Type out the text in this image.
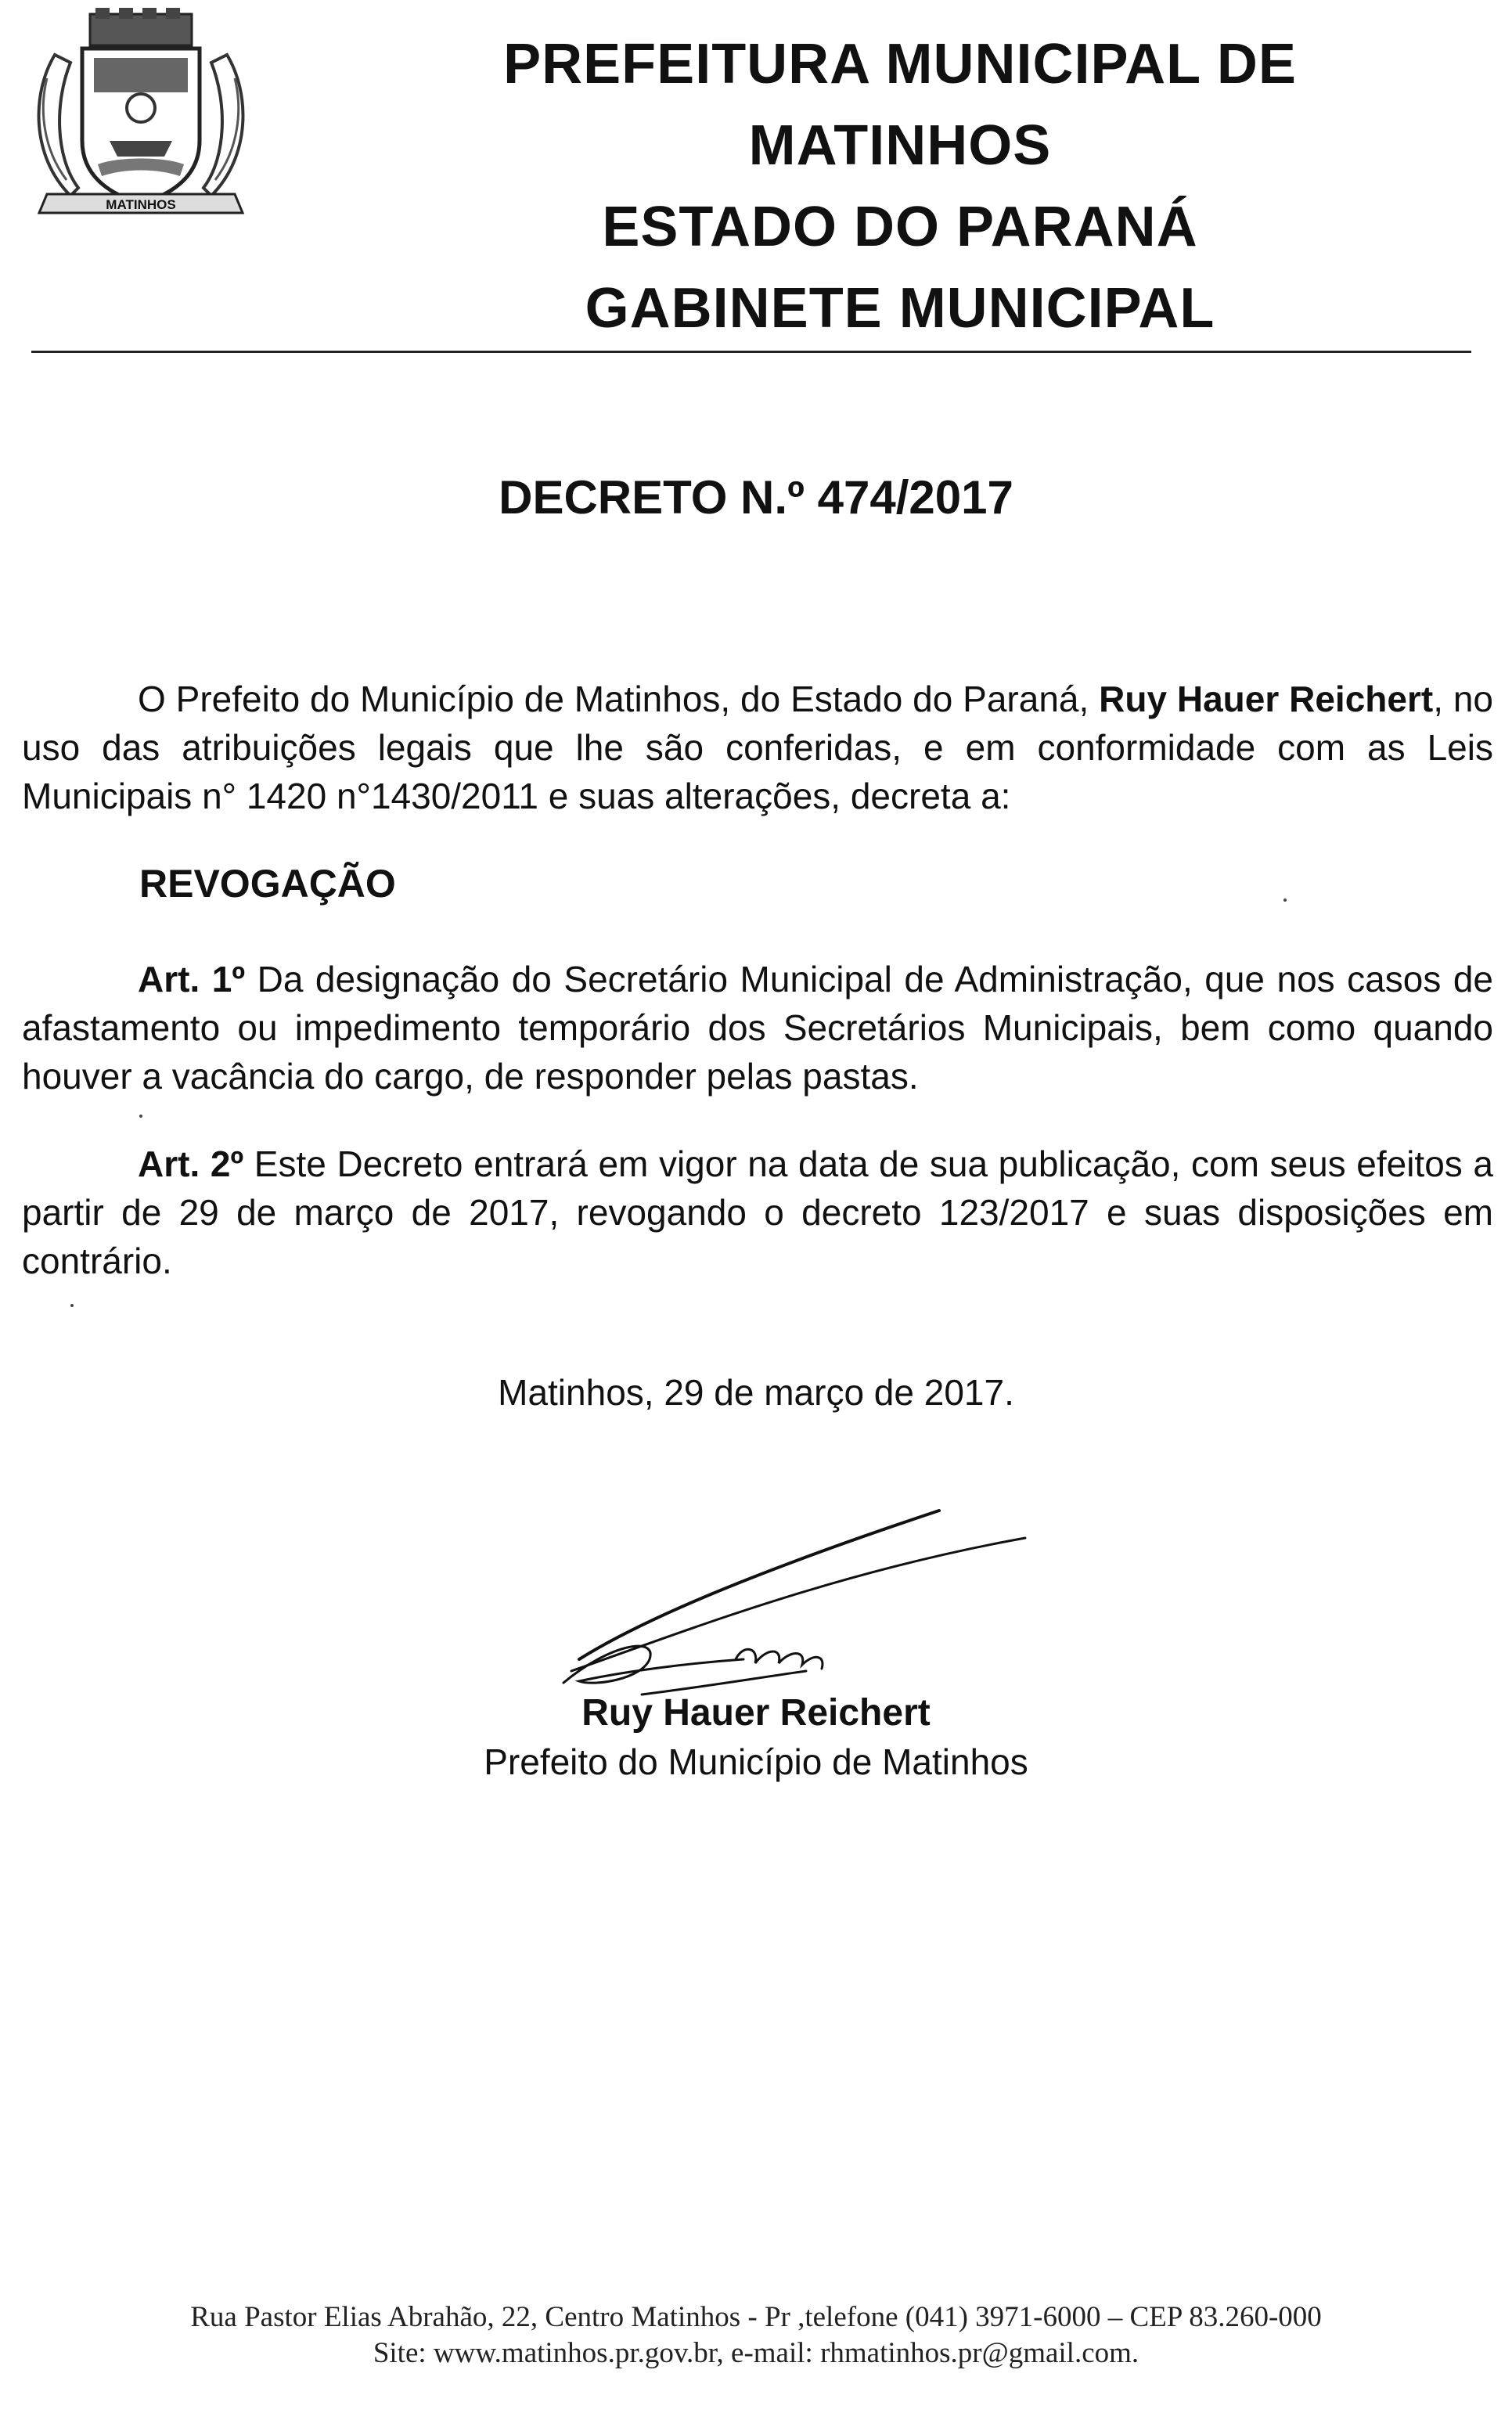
MATINHOS
PREFEITURA MUNICIPAL DE
MATINHOS
ESTADO DO PARANÁ
GABINETE MUNICIPAL
DECRETO N.º 474/2017
O Prefeito do Município de Matinhos, do Estado do Paraná, Ruy Hauer Reichert, no uso das atribuições legais que lhe são conferidas, e em conformidade com as Leis Municipais n° 1420 n°1430/2011 e suas alterações, decreta a:
REVOGAÇÃO
Art. 1º Da designação do Secretário Municipal de Administração, que nos casos de afastamento ou impedimento temporário dos Secretários Municipais, bem como quando houver a vacância do cargo, de responder pelas pastas.
Art. 2º Este Decreto entrará em vigor na data de sua publicação, com seus efeitos a partir de 29 de março de 2017, revogando o decreto 123/2017 e suas disposições em contrário.
Matinhos, 29 de março de 2017.
Ruy Hauer Reichert
Prefeito do Município de Matinhos
Rua Pastor Elias Abrahão, 22, Centro Matinhos - Pr ,telefone (041) 3971-6000 – CEP 83.260-000
Site: www.matinhos.pr.gov.br, e-mail: rhmatinhos.pr@gmail.com.
